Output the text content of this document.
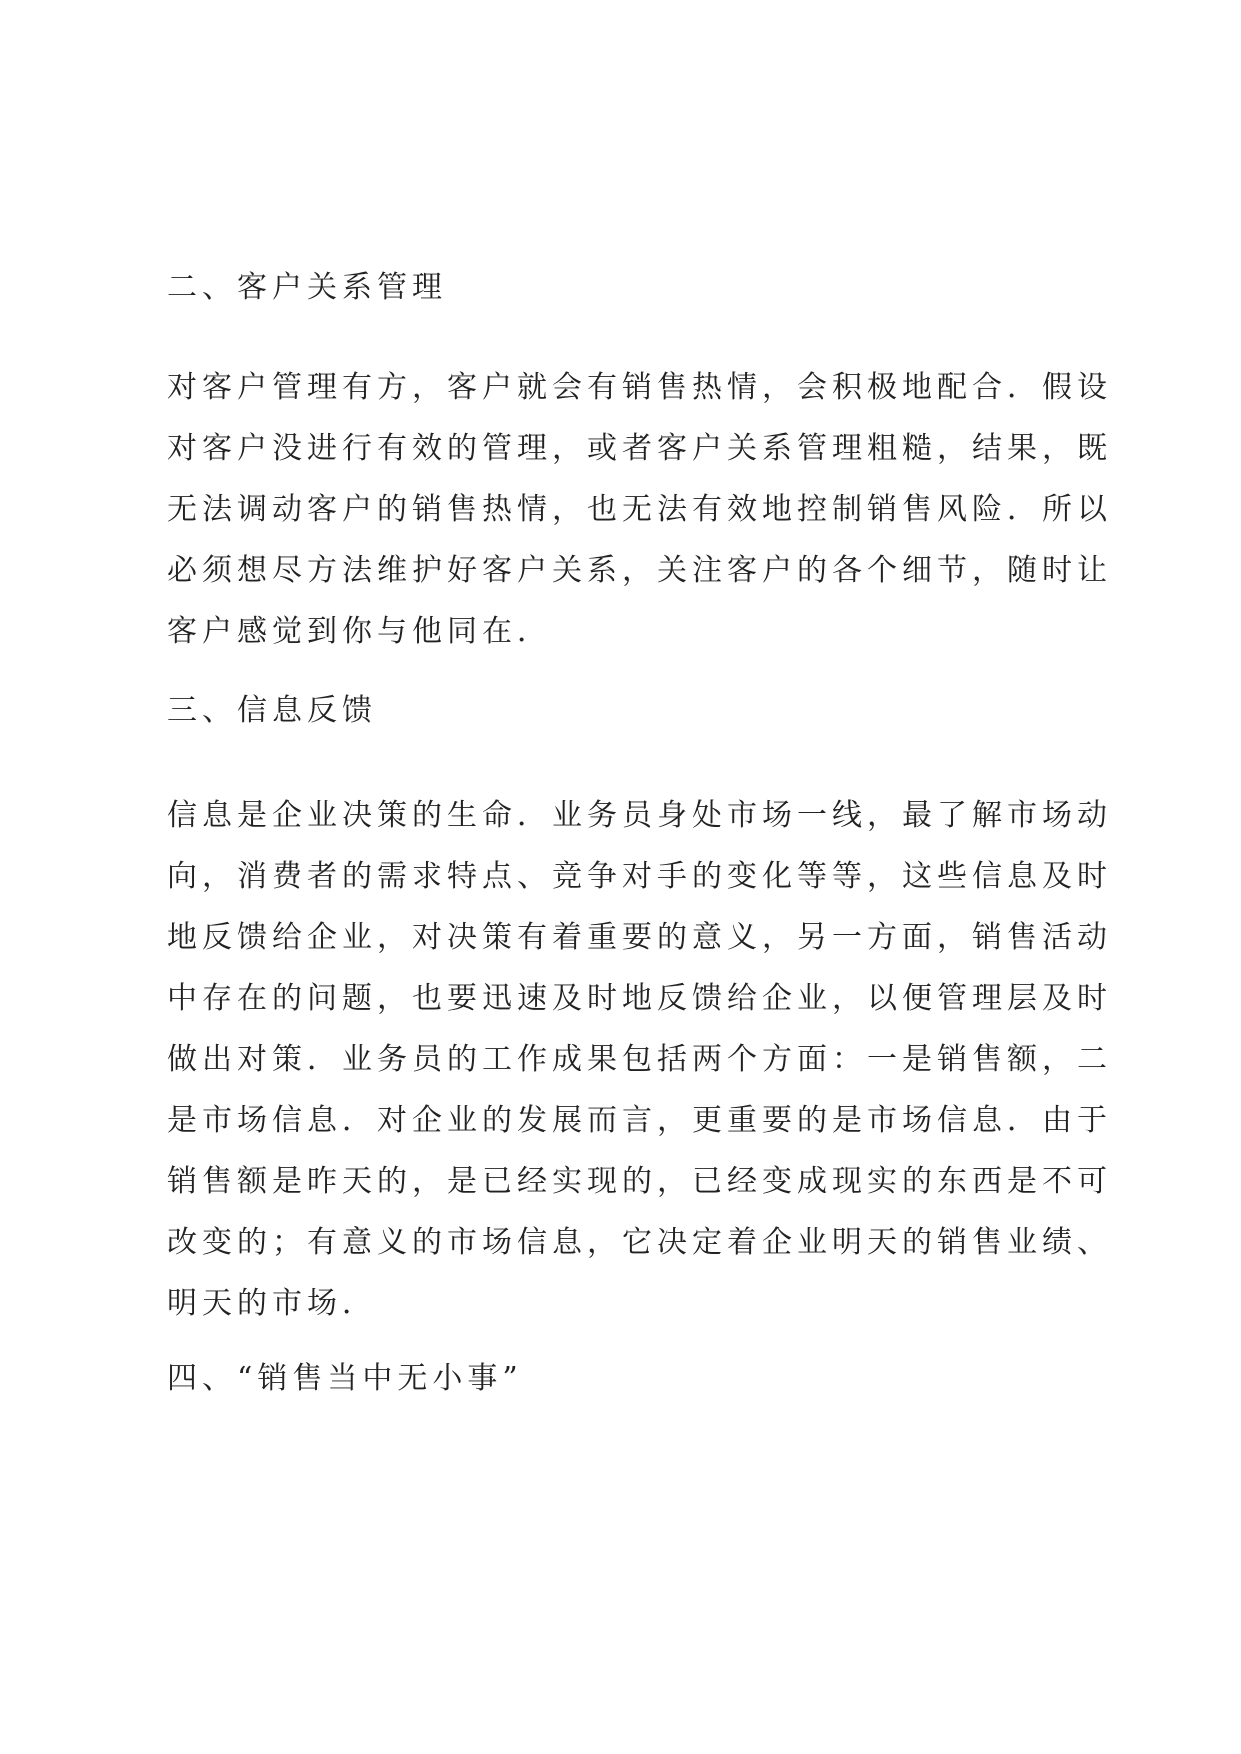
二、客户关系管理
对客户管理有方，客户就会有销售热情，会积极地配合．假设
对客户没进行有效的管理，或者客户关系管理粗糙，结果，既
无法调动客户的销售热情，也无法有效地控制销售风险．所以
必须想尽方法维护好客户关系，关注客户的各个细节，随时让
客户感觉到你与他同在．
三、信息反馈
信息是企业决策的生命．业务员身处市场一线，最了解市场动
向，消费者的需求特点、竞争对手的变化等等，这些信息及时
地反馈给企业，对决策有着重要的意义，另一方面，销售活动
中存在的问题，也要迅速及时地反馈给企业，以便管理层及时
做出对策．业务员的工作成果包括两个方面：一是销售额，二
是市场信息．对企业的发展而言，更重要的是市场信息．由于
销售额是昨天的，是已经实现的，已经变成现实的东西是不可
改变的；有意义的市场信息，它决定着企业明天的销售业绩、
明天的市场．
四、“销售当中无小事”
